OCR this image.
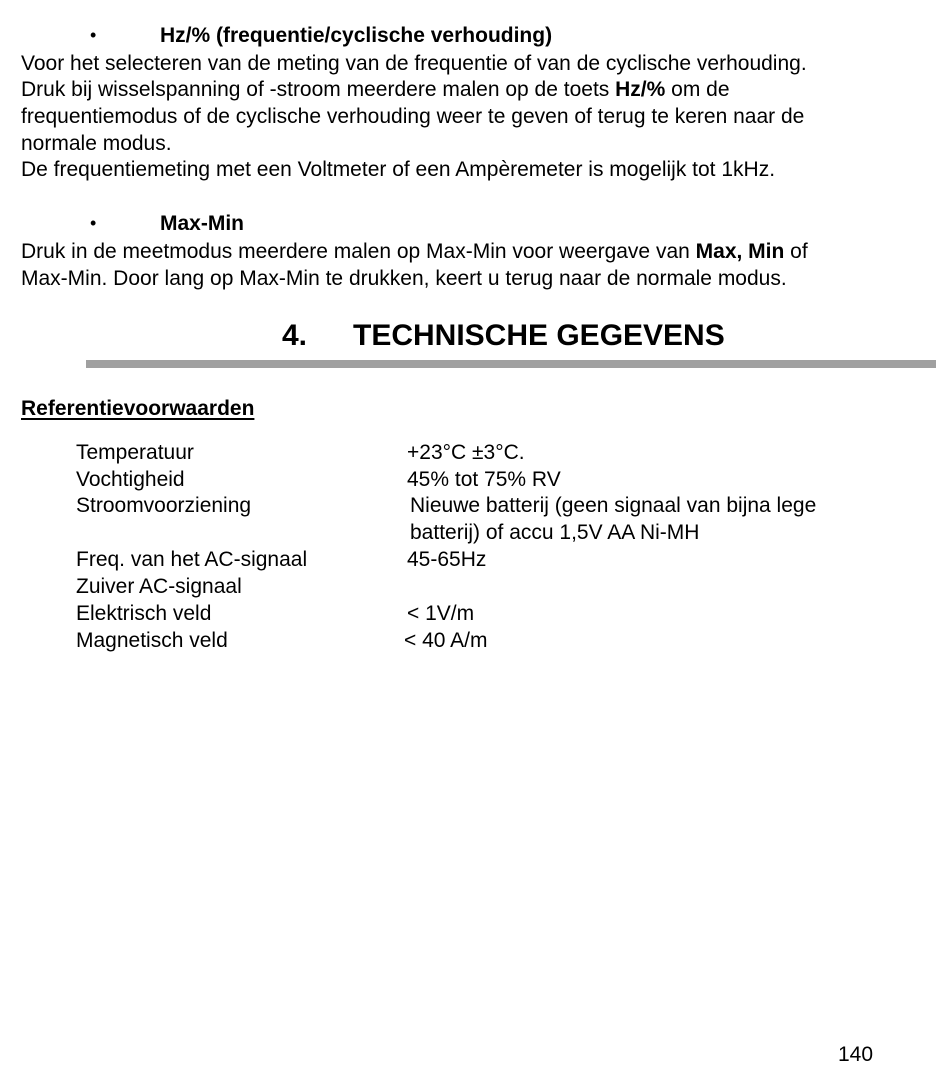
•	Hz/% (frequentie/cyclische verhouding)
Voor het selecteren van de meting van de frequentie of van de cyclische verhouding.
Druk bij wisselspanning of -stroom meerdere malen op de toets Hz/% om de
frequentiemodus of de cyclische verhouding weer te geven of terug te keren naar de
normale modus.
De frequentiemeting met een Voltmeter of een Ampèremeter is mogelijk tot 1kHz.
•	Max-Min
Druk in de meetmodus meerdere malen op Max-Min voor weergave van Max, Min of
Max-Min. Door lang op Max-Min te drukken, keert u terug naar de normale modus.
4. TECHNISCHE GEGEVENS
Referentievoorwaarden
Temperatuur	+23°C ±3°C.
Vochtigheid	45% tot 75% RV
Stroomvoorziening	Nieuwe batterij (geen signaal van bijna lege
batterij) of accu 1,5V AA Ni-MH
Freq. van het AC-signaal	45-65Hz
Zuiver AC-signaal
Elektrisch veld	< 1V/m
Magnetisch veld	< 40 A/m
140
